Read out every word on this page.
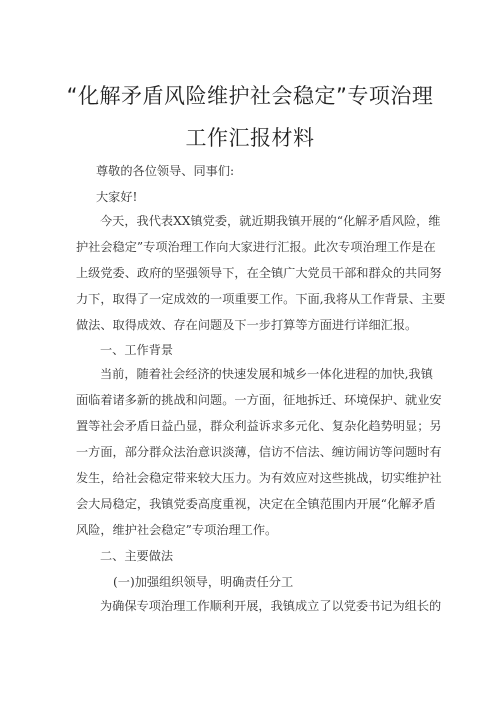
“化解矛盾风险维护社会稳定”专项治理
工作汇报材料
尊敬的各位领导、同事们:
大家好!
今天，我代表XX镇党委，就近期我镇开展的“化解矛盾风险，维
护社会稳定”专项治理工作向大家进行汇报。此次专项治理工作是在
上级党委、政府的坚强领导下，在全镇广大党员干部和群众的共同努
力下，取得了一定成效的一项重要工作。下面,我将从工作背景、主要
做法、取得成效、存在问题及下一步打算等方面进行详细汇报。
一、工作背景
当前，随着社会经济的快速发展和城乡一体化进程的加快,我镇
面临着诸多新的挑战和问题。一方面，征地拆迁、环境保护、就业安
置等社会矛盾日益凸显，群众利益诉求多元化、复杂化趋势明显；另
一方面，部分群众法治意识淡薄，信访不信法、缠访闹访等问题时有
发生，给社会稳定带来较大压力。为有效应对这些挑战，切实维护社
会大局稳定，我镇党委高度重视，决定在全镇范围内开展“化解矛盾
风险，维护社会稳定”专项治理工作。
二、主要做法
(一)加强组织领导，明确责任分工
为确保专项治理工作顺利开展，我镇成立了以党委书记为组长的
